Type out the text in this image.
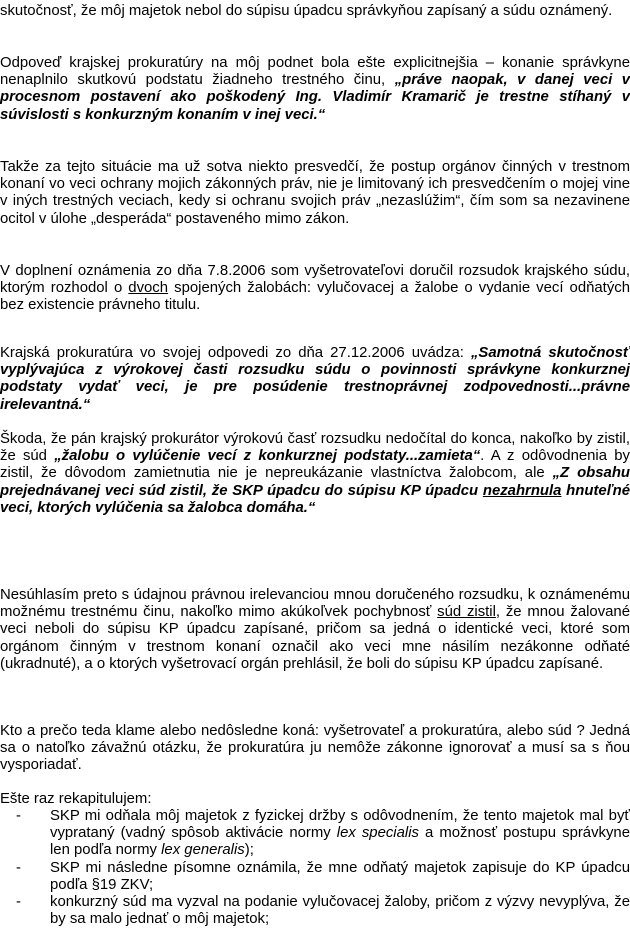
skutočnosť, že môj majetok nebol do súpisu úpadcu správkyňou zapísaný a súdu oznámený.

Odpoveď krajskej prokuratúry na môj podnet bola ešte explicitnejšia – konanie správkyne nenaplnilo skutkovú podstatu žiadneho trestného činu, „práve naopak, v danej veci v procesnom postavení ako poškodený Ing. Vladimír Kramarič je trestne stíhaný v súvislosti s konkurzným konaním v inej veci.“

Takže za tejto situácie ma už sotva niekto presvedčí, že postup orgánov činných v trestnom konaní vo veci ochrany mojich zákonných práv, nie je limitovaný ich presvedčením o mojej vine v iných trestných veciach, kedy si ochranu svojich práv „nezaslúžim“, čím som sa nezavinene ocitol v úlohe „desperáda“ postaveného mimo zákon.

V doplnení oznámenia zo dňa 7.8.2006 som vyšetrovateľovi doručil rozsudok krajského súdu, ktorým rozhodol o dvoch spojených žalobách: vylučovacej a žalobe o vydanie vecí odňatých bez existencie právneho titulu.

Krajská prokuratúra vo svojej odpovedi zo dňa 27.12.2006 uvádza: „Samotná skutočnosť vyplývajúca z výrokovej časti rozsudku súdu o povinnosti správkyne konkurznej podstaty vydať veci, je pre posúdenie trestnoprávnej zodpovednosti...právne irelevantná.“

Škoda, že pán krajský prokurátor výrokovú časť rozsudku nedočítal do konca, nakoľko by zistil, že súd „žalobu o vylúčenie vecí z konkurznej podstaty...zamieta“. A z odôvodnenia by zistil, že dôvodom zamietnutia nie je nepreukázanie vlastníctva žalobcom, ale „Z obsahu prejednávanej veci súd zistil, že SKP úpadcu do súpisu KP úpadcu nezahrnula hnuteľné veci, ktorých vylúčenia sa žalobca domáha.“

Nesúhlasím preto s údajnou právnou irelevanciou mnou doručeného rozsudku, k oznámenému možnému trestnému činu, nakoľko mimo akúkoľvek pochybnosť súd zistil, že mnou žalované veci neboli do súpisu KP úpadcu zapísané, pričom sa jedná o identické veci, ktoré som orgánom činným v trestnom konaní označil ako veci mne násilím nezákonne odňaté (ukradnuté), a o ktorých vyšetrovací orgán prehlásil, že boli do súpisu KP úpadcu zapísané.

Kto a prečo teda klame alebo nedôsledne koná: vyšetrovateľ a prokuratúra, alebo súd ? Jedná sa o natoľko závažnú otázku, že prokuratúra ju nemôže zákonne ignorovať a musí sa s ňou vysporiadať.

Ešte raz rekapitulujem:

- SKP mi odňala môj majetok z fyzickej držby s odôvodnením, že tento majetok mal byť vyprataný (vadný spôsob aktivácie normy lex specialis a možnosť postupu správkyne len podľa normy lex generalis);
- SKP mi následne písomne oznámila, že mne odňatý majetok zapisuje do KP úpadcu podľa §19 ZKV;
- konkurzný súd ma vyzval na podanie vylučovacej žaloby, pričom z výzvy nevyplýva, že by sa malo jednať o môj majetok;
